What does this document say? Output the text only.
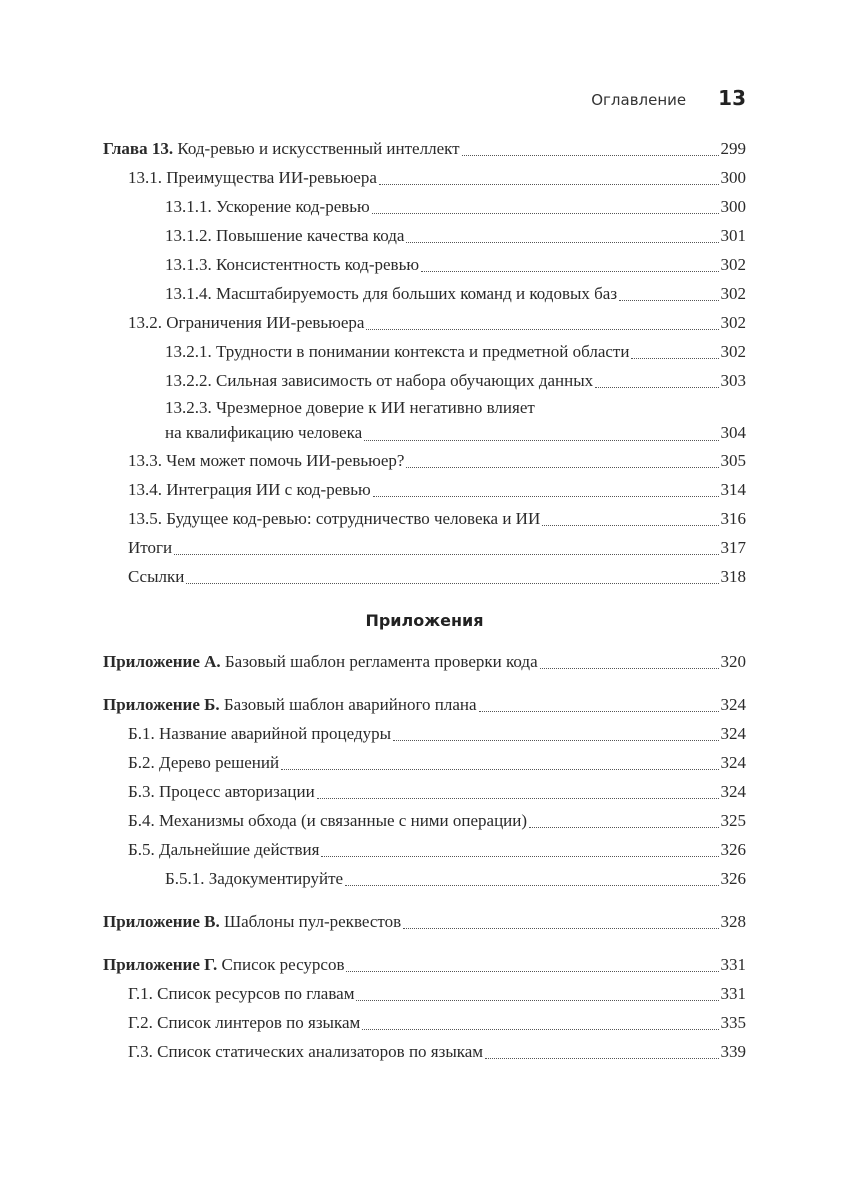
Оглавление 13
Глава 13. Код-ревью и искусственный интеллект	299
13.1. Преимущества ИИ-ревьюера	300
13.1.1. Ускорение код-ревью	300
13.1.2. Повышение качества кода	301
13.1.3. Консистентность код-ревью	302
13.1.4. Масштабируемость для больших команд и кодовых баз	302
13.2. Ограничения ИИ-ревьюера	302
13.2.1. Трудности в понимании контекста и предметной области	302
13.2.2. Сильная зависимость от набора обучающих данных	303
13.2.3. Чрезмерное доверие к ИИ негативно влияет
на квалификацию человека	304
13.3. Чем может помочь ИИ-ревьюер?	305
13.4. Интеграция ИИ с код-ревью	314
13.5. Будущее код-ревью: сотрудничество человека и ИИ	316
Итоги	317
Ссылки	318
Приложения
Приложение А. Базовый шаблон регламента проверки кода	320
Приложение Б. Базовый шаблон аварийного плана	324
Б.1. Название аварийной процедуры	324
Б.2. Дерево решений	324
Б.3. Процесс авторизации	324
Б.4. Механизмы обхода (и связанные с ними операции)	325
Б.5. Дальнейшие действия	326
Б.5.1. Задокументируйте	326
Приложение В. Шаблоны пул-реквестов	328
Приложение Г. Список ресурсов	331
Г.1. Список ресурсов по главам	331
Г.2. Список линтеров по языкам	335
Г.3. Список статических анализаторов по языкам	339
